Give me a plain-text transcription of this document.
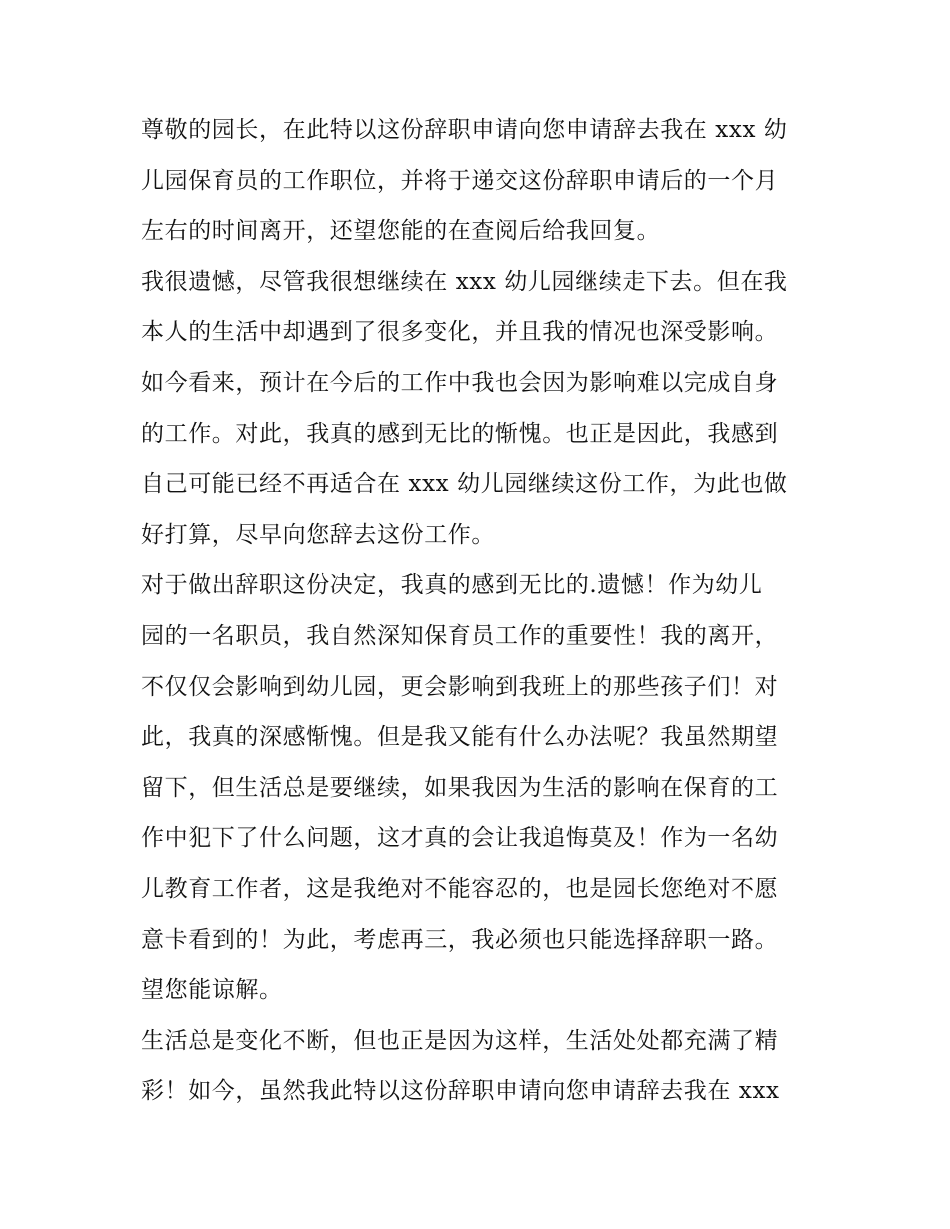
尊敬的园长，在此特以这份辞职申请向您申请辞去我在 xxx 幼
儿园保育员的工作职位，并将于递交这份辞职申请后的一个月
左右的时间离开，还望您能的在查阅后给我回复。
我很遗憾，尽管我很想继续在 xxx 幼儿园继续走下去。但在我
本人的生活中却遇到了很多变化，并且我的情况也深受影响。
如今看来，预计在今后的工作中我也会因为影响难以完成自身
的工作。对此，我真的感到无比的惭愧。也正是因此，我感到
自己可能已经不再适合在 xxx 幼儿园继续这份工作，为此也做
好打算，尽早向您辞去这份工作。
对于做出辞职这份决定，我真的感到无比的.遗憾！作为幼儿
园的一名职员，我自然深知保育员工作的重要性！我的离开，
不仅仅会影响到幼儿园，更会影响到我班上的那些孩子们！对
此，我真的深感惭愧。但是我又能有什么办法呢？我虽然期望
留下，但生活总是要继续，如果我因为生活的影响在保育的工
作中犯下了什么问题，这才真的会让我追悔莫及！作为一名幼
儿教育工作者，这是我绝对不能容忍的，也是园长您绝对不愿
意卡看到的！为此，考虑再三，我必须也只能选择辞职一路。
望您能谅解。
生活总是变化不断，但也正是因为这样，生活处处都充满了精
彩！如今，虽然我此特以这份辞职申请向您申请辞去我在 xxx
